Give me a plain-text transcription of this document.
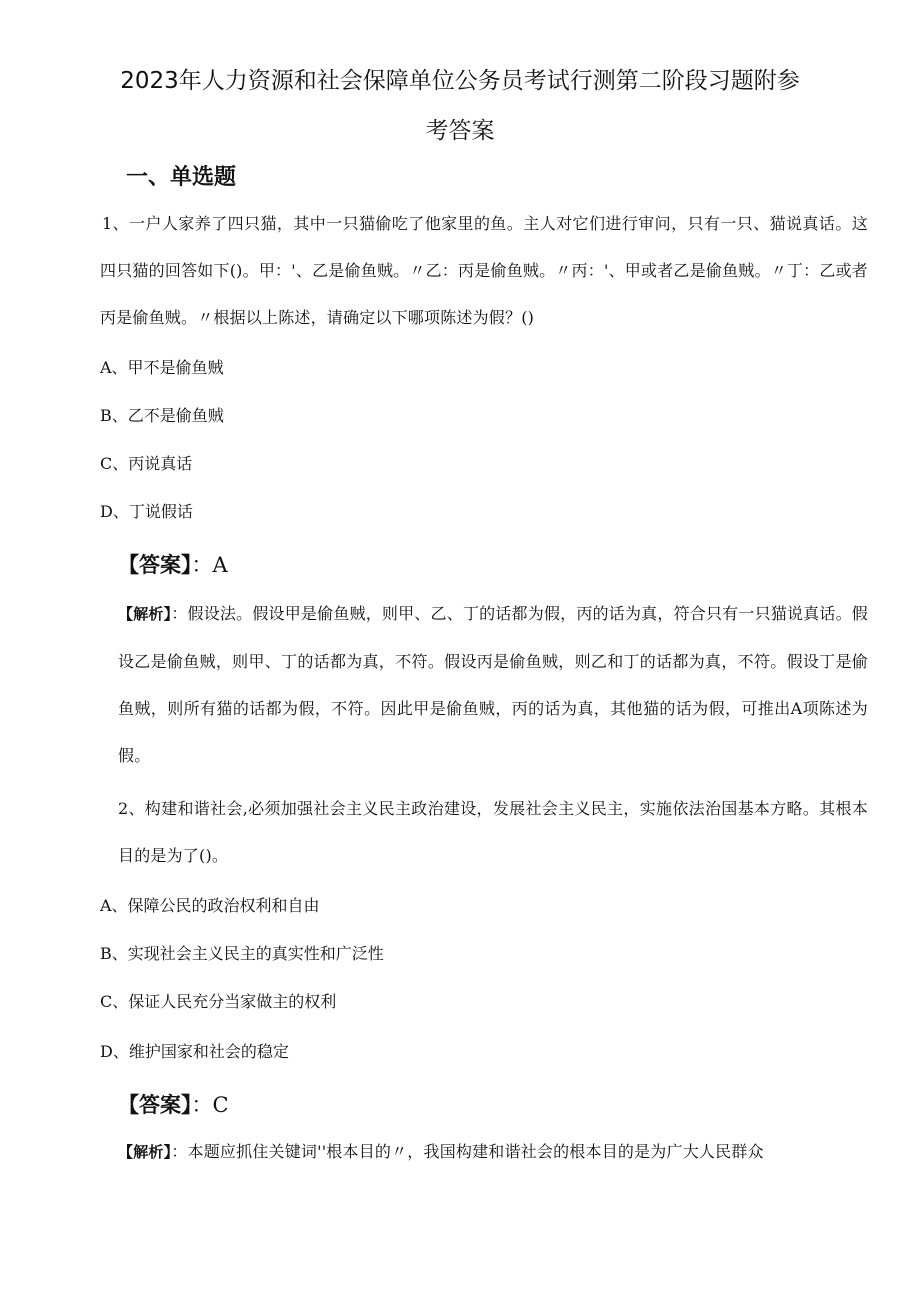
2023年人力资源和社会保障单位公务员考试行测第二阶段习题附参
考答案
一、单选题

1、一户人家养了四只猫，其中一只猫偷吃了他家里的鱼。主人对它们进行审问，只有一只、猫说真话。这四只猫的回答如下()。甲：'、乙是偷鱼贼。〃乙：丙是偷鱼贼。〃丙：'、甲或者乙是偷鱼贼。〃丁：乙或者丙是偷鱼贼。〃根据以上陈述，请确定以下哪项陈述为假？()

A、甲不是偷鱼贼

B、乙不是偷鱼贼

C、丙说真话

D、丁说假话

【答案】：A

【解析】：假设法。假设甲是偷鱼贼，则甲、乙、丁的话都为假，丙的话为真，符合只有一只猫说真话。假设乙是偷鱼贼，则甲、丁的话都为真，不符。假设丙是偷鱼贼，则乙和丁的话都为真，不符。假设丁是偷鱼贼，则所有猫的话都为假，不符。因此甲是偷鱼贼，丙的话为真，其他猫的话为假，可推出A项陈述为假。

2、构建和谐社会,必须加强社会主义民主政治建设，发展社会主义民主，实施依法治国基本方略。其根本目的是为了()。

A、保障公民的政治权利和自由

B、实现社会主义民主的真实性和广泛性

C、保证人民充分当家做主的权利

D、维护国家和社会的稳定

【答案】：C

【解析】：本题应抓住关键词''根本目的〃，我国构建和谐社会的根本目的是为广大人民群众
